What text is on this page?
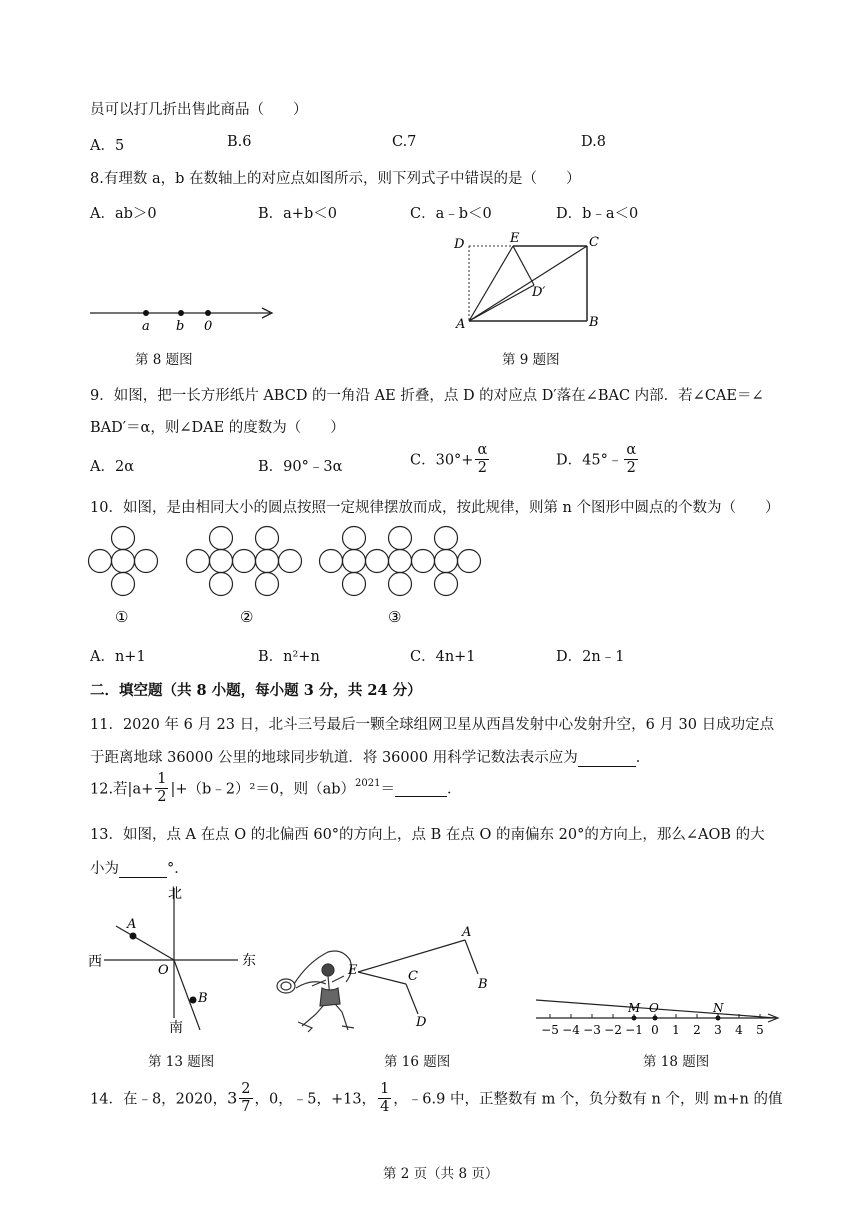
员可以打几折出售此商品（　　）
A．5	B.6	C.7	D.8
8.有理数 a，b 在数轴上的对应点如图所示，则下列式子中错误的是（　　）
A．ab＞0	B．a+b＜0	C．a﹣b＜0	D．b﹣a＜0
a b 0
第 8 题图
D	E	C
D′
A	B
第 9 题图
9．如图，把一长方形纸片 ABCD 的一角沿 AE 折叠，点 D 的对应点 D′落在∠BAC 内部．若∠CAE＝∠
BAD′＝α，则∠DAE 的度数为（　　）
A．2α	B．90°﹣3α	C．$30^\circ+ \frac{\alpha}{2}$	D．45°﹣ $\frac{\alpha}{2}$
10．如图，是由相同大小的圆点按照一定规律摆放而成，按此规律，则第 n 个图形中圆点的个数为（　　）
①	②	③
A．n+1	B．n²+n	C．4n+1	D．2n﹣1
二．填空题（共 8 小题，每小题 3 分，共 24 分）
11．2020 年 6 月 23 日，北斗三号最后一颗全球组网卫星从西昌发射中心发射升空，6 月 30 日成功定点
于距离地球 36000 公里的地球同步轨道．将 36000 用科学记数法表示应为	．
12.若$|a+ \frac{1}{2}$ |+（b﹣2）²＝0，则（ab）$^{2021}$＝	．
13．如图，点 A 在点 O 的北偏西 60°的方向上，点 B 在点 O 的南偏东 20°的方向上，那么∠AOB 的大
小为	°．
北
东
西
南
O
A
B
第 13 题图
A
E	C
B
D
第 16 题图
−5 −4 −3 −2 −1 0 1 2 3 4 5
M O	N
第 18 题图
14．在﹣8，2020，$3 \frac{2}{7}$ ，0，﹣5，+13， $\frac{1}{4}$ ，﹣6.9 中，正整数有 m 个，负分数有 n 个，则 m+n 的值
第 2 页（共 8 页）
